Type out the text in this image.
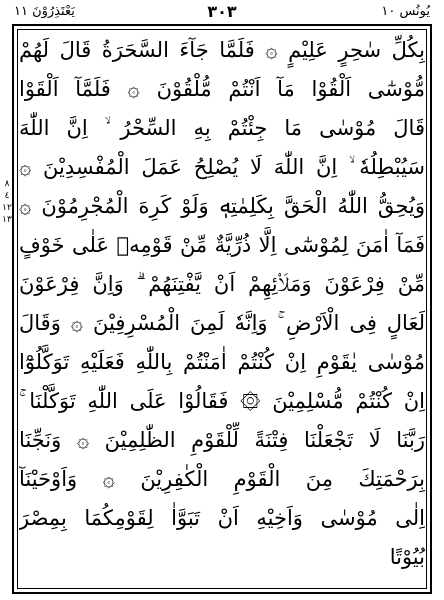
يُونُس ١٠
٣٠٣
يَعْتَذِرُوْنَ ١١
٨
٤
١٢
١٣
بِكُلِّ سٰحِرٍ عَلِيْمٍ ۞ فَلَمَّا جَآءَ السَّحَرَةُ قَالَ لَهُمْ
مُّوْسٰٓى اَلْقُوْا مَآ اَنْتُمْ مُّلْقُوْنَ ۞ فَلَمَّآ اَلْقَوْا
قَالَ مُوْسٰى مَا جِئْتُمْ بِهِ السِّحْرُ ۙ اِنَّ اللّٰهَ
سَيُبْطِلُهٗ ۙ اِنَّ اللّٰهَ لَا يُصْلِحُ عَمَلَ الْمُفْسِدِيْنَ ۞
وَيُحِقُّ اللّٰهُ الْحَقَّ بِكَلِمٰتِهٖ وَلَوْ كَرِهَ الْمُجْرِمُوْنَ ۞
فَمَآ اٰمَنَ لِمُوْسٰٓى اِلَّا ذُرِّيَّةٌ مِّنْ قَوْمِهٖ عَلٰى خَوْفٍ
مِّنْ فِرْعَوْنَ وَمَلَا۟ئِهِمْ اَنْ يَّفْتِنَهُمْ ۗ وَاِنَّ فِرْعَوْنَ
لَعَالٍ فِى الْاَرْضِ ۚ وَاِنَّهٗ لَمِنَ الْمُسْرِفِيْنَ ۞ وَقَالَ
مُوْسٰى يٰقَوْمِ اِنْ كُنْتُمْ اٰمَنْتُمْ بِاللّٰهِ فَعَلَيْهِ تَوَكَّلُوْٓا
اِنْ كُنْتُمْ مُّسْلِمِيْنَ ۞ فَقَالُوْا عَلَى اللّٰهِ تَوَكَّلْنَا ۚ
رَبَّنَا لَا تَجْعَلْنَا فِتْنَةً لِّلْقَوْمِ الظّٰلِمِيْنَ ۞ وَنَجِّنَا
بِرَحْمَتِكَ مِنَ الْقَوْمِ الْكٰفِرِيْنَ ۞ وَاَوْحَيْنَآ
اِلٰى مُوْسٰى وَاَخِيْهِ اَنْ تَبَوَّاٰ لِقَوْمِكُمَا بِمِصْرَ
بُيُوْتًا
